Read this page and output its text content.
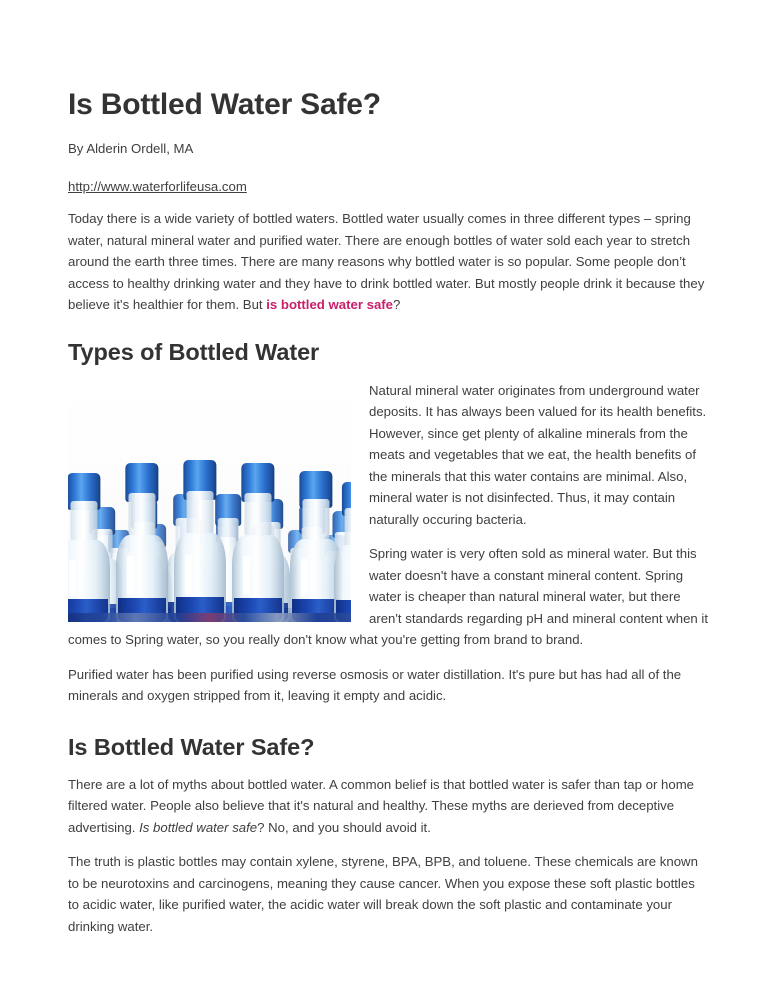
Is Bottled Water Safe?
By Alderin Ordell, MA
http://www.waterforlifeusa.com

Today there is a wide variety of bottled waters. Bottled water usually comes in three different types – spring water, natural mineral water and purified water. There are enough bottles of water sold each year to stretch around the earth three times. There are many reasons why bottled water is so popular. Some people don’t access to healthy drinking water and they have to drink bottled water. But mostly people drink it because they believe it's healthier for them. But is bottled water safe?

Types of Bottled Water

Natural mineral water originates from underground water deposits. It has always been valued for its health benefits. However, since get plenty of alkaline minerals from the meats and vegetables that we eat, the health benefits of the minerals that this water contains are minimal. Also, mineral water is not disinfected. Thus, it may contain naturally occuring bacteria.

Spring water is very often sold as mineral water. But this water doesn't have a constant mineral content. Spring water is cheaper than natural mineral water, but there aren't standards regarding pH and mineral content when it comes to Spring water, so you really don't know what you're getting from brand to brand.

Purified water has been purified using reverse osmosis or water distillation. It's pure but has had all of the minerals and oxygen stripped from it, leaving it empty and acidic.

Is Bottled Water Safe?

There are a lot of myths about bottled water. A common belief is that bottled water is safer than tap or home filtered water. People also believe that it's natural and healthy. These myths are derieved from deceptive advertising. Is bottled water safe? No, and you should avoid it.

The truth is plastic bottles may contain xylene, styrene, BPA, BPB, and toluene. These chemicals are known to be neurotoxins and carcinogens, meaning they cause cancer. When you expose these soft plastic bottles to acidic water, like purified water, the acidic water will break down the soft plastic and contaminate your drinking water.
